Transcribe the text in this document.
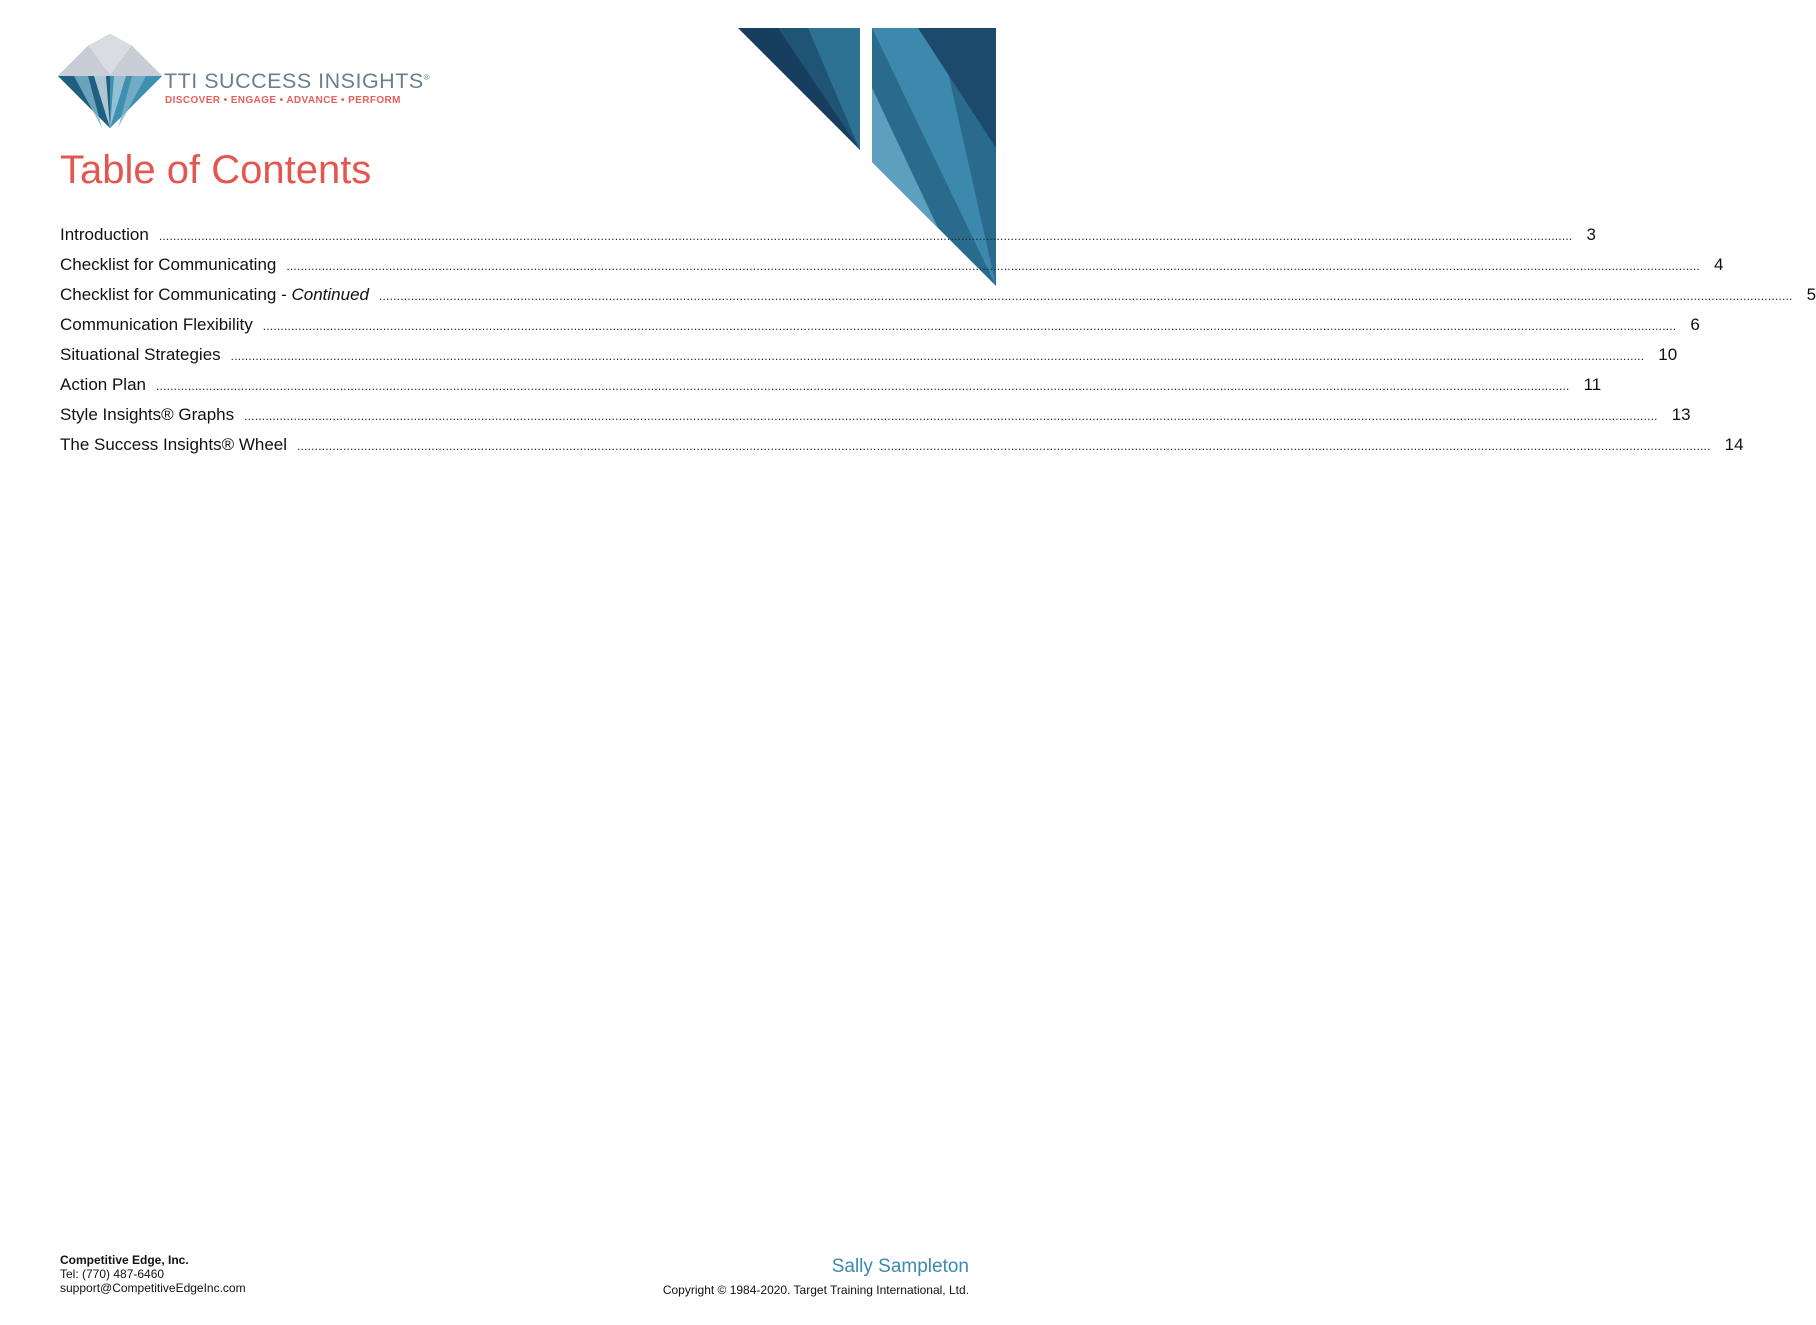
TTI SUCCESS INSIGHTS®
DISCOVER • ENGAGE • ADVANCE • PERFORM
Table of Contents
Introduction ................................................................................................................................................................................................................................................................................................................................................................................................................ 3
Checklist for Communicating ................................................................................................................................................................................................................................................................................................................................................................................................................ 4
Checklist for Communicating - Continued ................................................................................................................................................................................................................................................................................................................................................................................................................ 5
Communication Flexibility ................................................................................................................................................................................................................................................................................................................................................................................................................ 6
Situational Strategies ................................................................................................................................................................................................................................................................................................................................................................................................................ 10
Action Plan ................................................................................................................................................................................................................................................................................................................................................................................................................ 11
Style Insights® Graphs ................................................................................................................................................................................................................................................................................................................................................................................................................ 13
The Success Insights® Wheel ................................................................................................................................................................................................................................................................................................................................................................................................................ 14
Competitive Edge, Inc.
Tel: (770) 487-6460
support@CompetitiveEdgeInc.com
Sally Sampleton
Copyright © 1984-2020. Target Training International, Ltd.
